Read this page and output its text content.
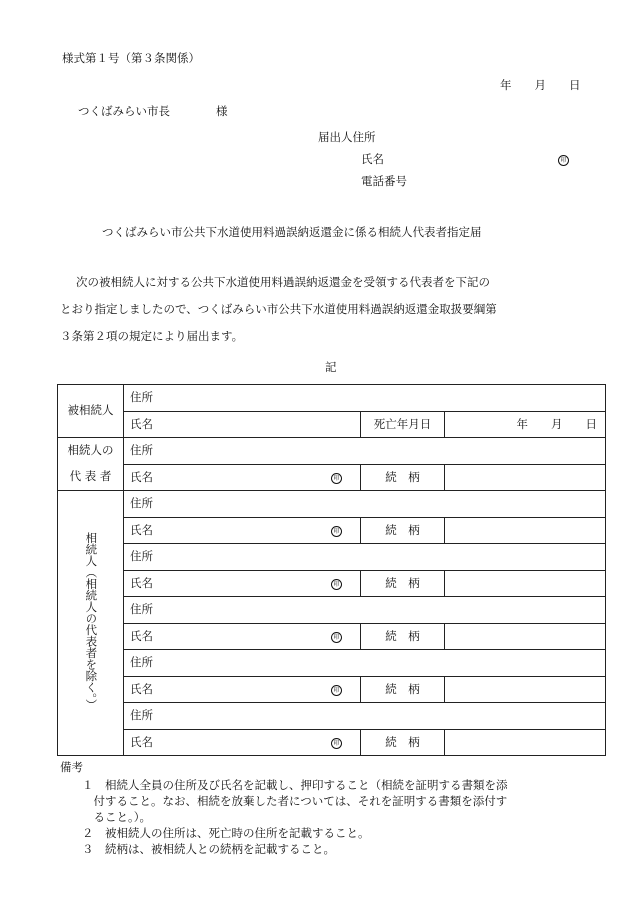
様式第１号（第３条関係）
年　　月　　日
つくばみらい市長　　　　様
届出人住所
氏名	印
電話番号
つくばみらい市公共下水道使用料過誤納返還金に係る相続人代表者指定届
次の被相続人に対する公共下水道使用料過誤納返還金を受領する代表者を下記の
とおり指定しましたので、つくばみらい市公共下水道使用料過誤納返還金取扱要綱第
３条第２項の規定により届出ます。
記
被相続人	住所		
	氏名	死亡年月日	年　　月　　日
相続人の	住所		
代 表 者	氏名 印	続　柄	

相続人（相続人の代表者を除く。）	住所		
	氏名 印	続　柄	
	住所		
	氏名 印	続　柄	
	住所		
	氏名 印	続　柄	
	住所		
	氏名 印	続　柄	
	住所		
	氏名 印	続　柄	
備考
１　相続人全員の住所及び氏名を記載し、押印すること（相続を証明する書類を添
　付すること。なお、相続を放棄した者については、それを証明する書類を添付す
　ること。）。
２　被相続人の住所は、死亡時の住所を記載すること。
３　続柄は、被相続人との続柄を記載すること。
